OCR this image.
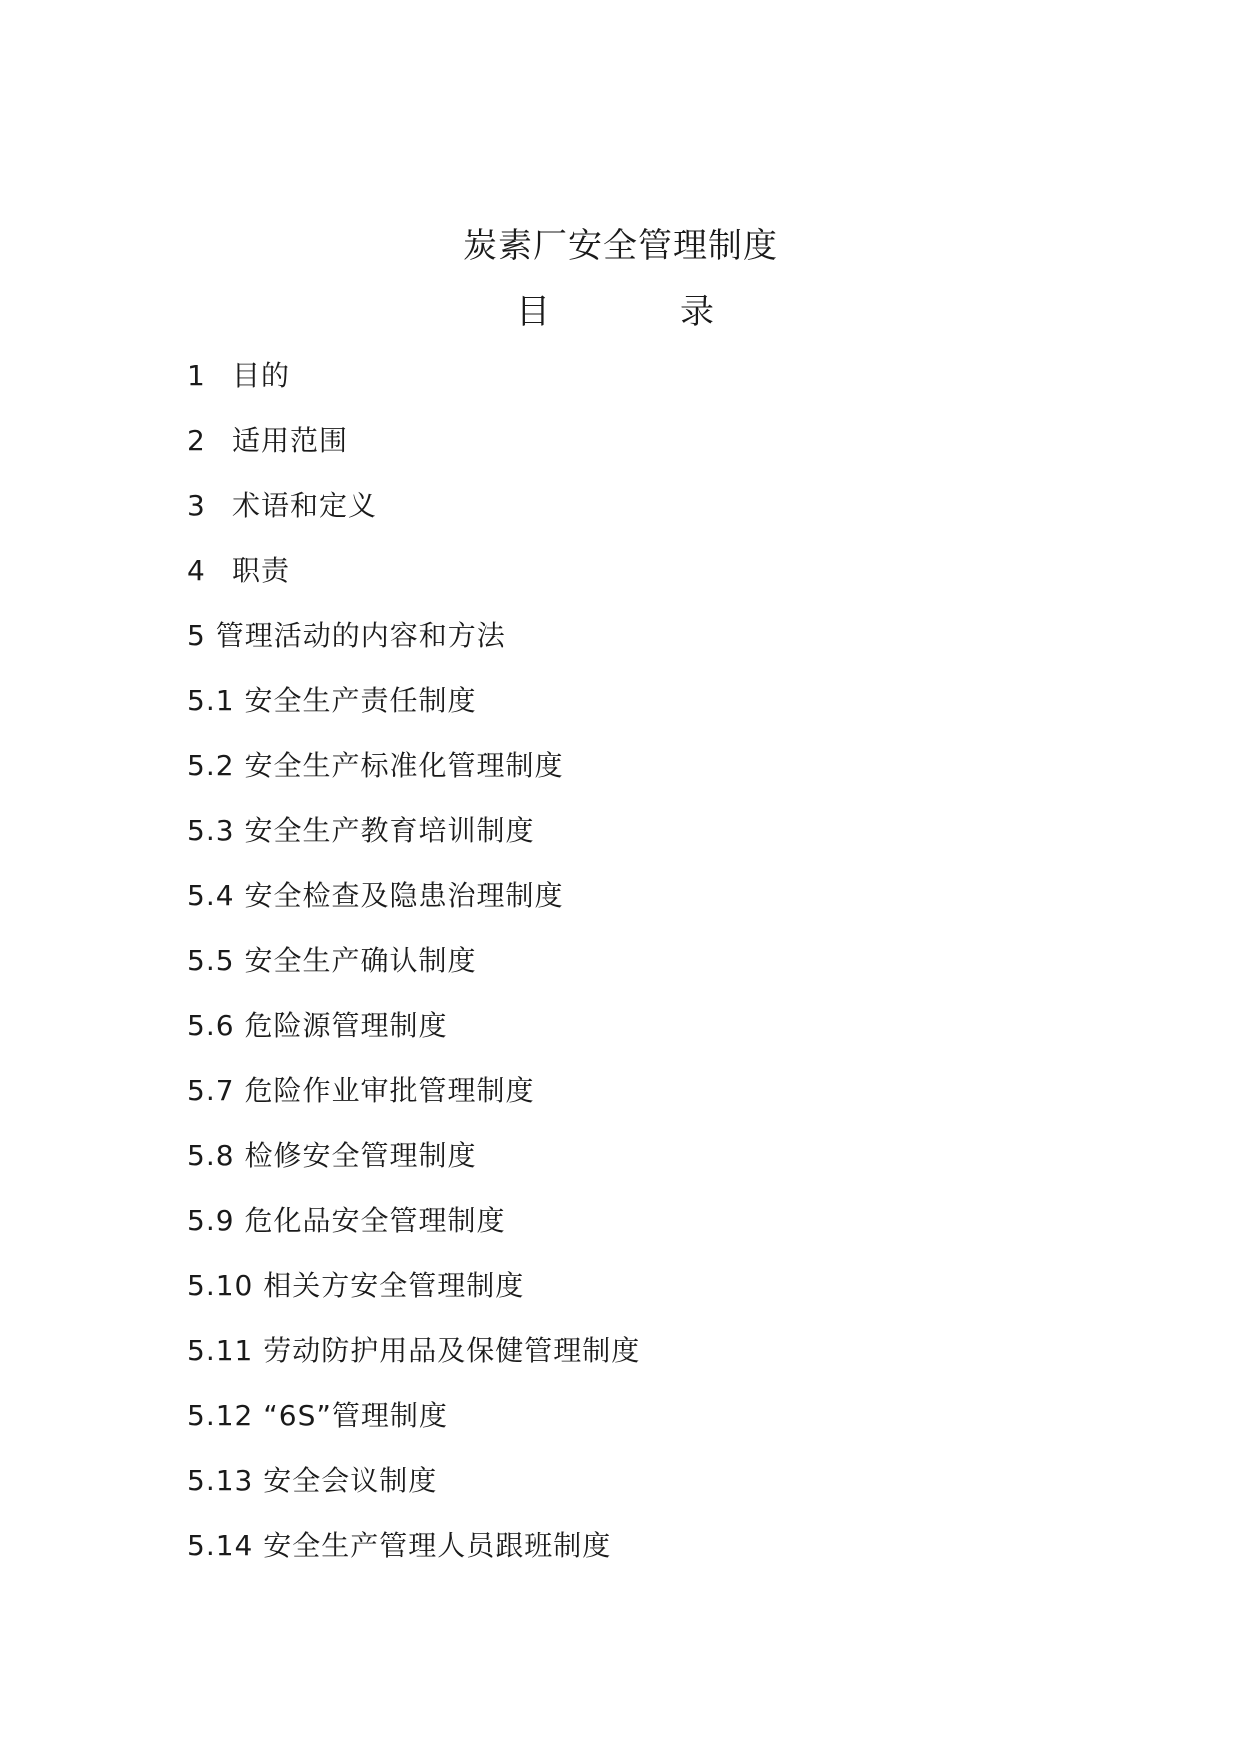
炭素厂安全管理制度
目	录
1 目的
2 适用范围
3 术语和定义
4 职责
5 管理活动的内容和方法
5.1 安全生产责任制度
5.2 安全生产标准化管理制度
5.3 安全生产教育培训制度
5.4 安全检查及隐患治理制度
5.5 安全生产确认制度
5.6 危险源管理制度
5.7 危险作业审批管理制度
5.8 检修安全管理制度
5.9 危化品安全管理制度
5.10 相关方安全管理制度
5.11 劳动防护用品及保健管理制度
5.12 “6S”管理制度
5.13 安全会议制度
5.14 安全生产管理人员跟班制度
